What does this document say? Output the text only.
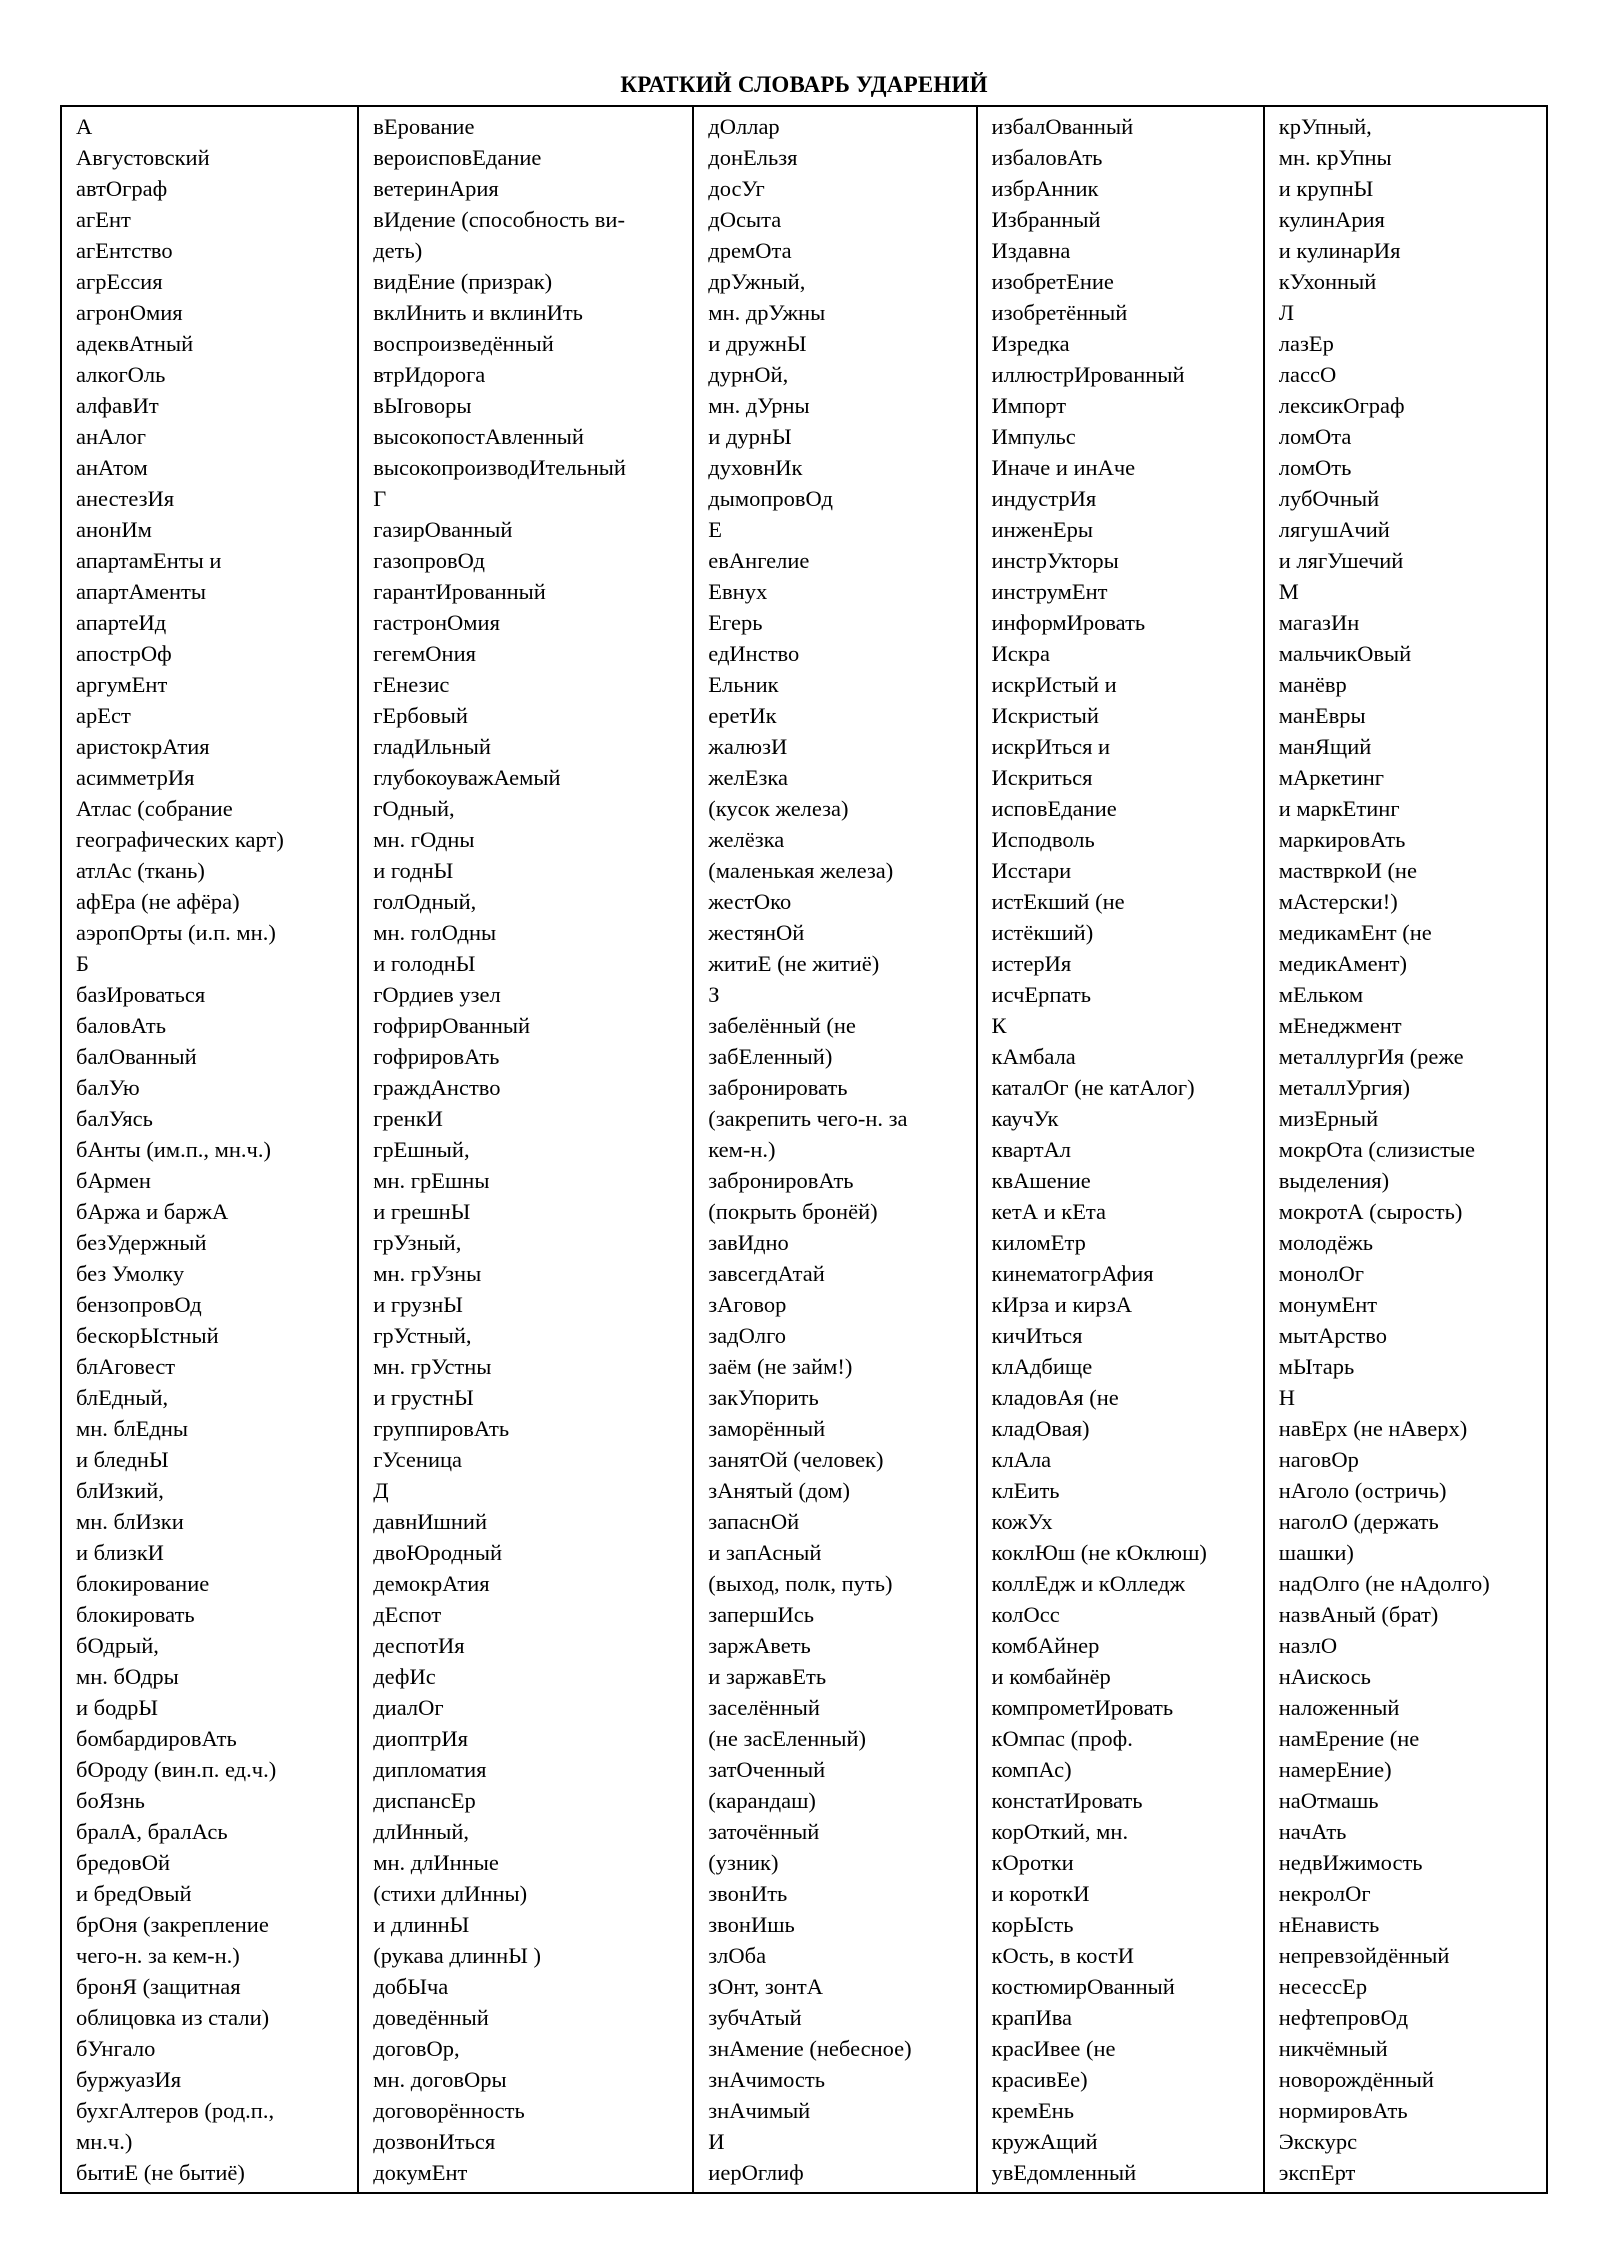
КРАТКИЙ СЛОВАРЬ УДАРЕНИЙ
А
Августовский
автОграф
агЕнт
агЕнтство
агрЕссия
агронОмия
адеквАтный
алкогОль
алфавИт
анАлог
анАтом
анестезИя
анонИм
апартамЕнты и
апартАменты
апартеИд
апострОф
аргумЕнт
арЕст
аристокрАтия
асимметрИя
Атлас (собрание
географических карт)
атлАс (ткань)
афЕра (не афёра)
аэропОрты (и.п. мн.)
Б
базИроваться
баловАть
балОванный
балУю
балУясь
бАнты (им.п., мн.ч.)
бАрмен
бАржа и баржА
безУдержный
без Умолку
бензопровОд
бескорЫстный
блАговест
блЕдный,
мн. блЕдны
и бледнЫ
блИзкий,
мн. блИзки
и близкИ
блокирование
блокировать
бОдрый,
мн. бОдры
и бодрЫ
бомбардировАть
бОроду (вин.п. ед.ч.)
боЯзнь
бралА, бралАсь
бредовОй
и бредОвый
брОня (закрепление
чего-н. за кем-н.)
бронЯ (защитная
облицовка из стали)
бУнгало
буржуазИя
бухгАлтеров (род.п.,
мн.ч.)
бытиЕ (не бытиё)
вЕрование
вероисповЕдание
ветеринАрия
вИдение (способность ви-
деть)
видЕние (призрак)
вклИнить и вклинИть
воспроизведённый
втрИдорога
вЫговоры
высокопостАвленный
высокопроизводИтельный
Г
газирОванный
газопровОд
гарантИрованный
гастронОмия
гегемОния
гЕнезис
гЕрбовый
гладИльный
глубокоуважАемый
гОдный,
мн. гОдны
и годнЫ
голОдный,
мн. голОдны
и голоднЫ
гОрдиев узел
гофрирОванный
гофрировАть
граждАнство
гренкИ
грЕшный,
мн. грЕшны
и грешнЫ
грУзный,
мн. грУзны
и грузнЫ
грУстный,
мн. грУстны
и грустнЫ
группировАть
гУсеница
Д
давнИшний
двоЮродный
демокрАтия
дЕспот
деспотИя
дефИс
диалОг
диоптрИя
дипломатия
диспансЕр
длИнный,
мн. длИнные
(стихи длИнны)
и длиннЫ
(рукава длиннЫ )
добЫча
доведённый
договОр,
мн. договОры
договорённость
дозвонИться
докумЕнт
дОллар
донЕльзя
досУг
дОсыта
дремОта
дрУжный,
мн. дрУжны
и дружнЫ
дурнОй,
мн. дУрны
и дурнЫ
духовнИк
дымопровОд
Е
евАнгелие
Евнух
Егерь
едИнство
Ельник
еретИк
жалюзИ
желЕзка
(кусок железа)
желёзка
(маленькая железа)
жестОко
жестянОй
житиЕ (не житиё)
З
забелённый (не
забЕленный)
забронировать
(закрепить чего-н. за
кем-н.)
забронировАть
(покрыть бронёй)
завИдно
завсегдАтай
зАговор
задОлго
заём (не займ!)
закУпорить
заморённый
занятОй (человек)
зАнятый (дом)
запаснОй
и запАсный
(выход, полк, путь)
запершИсь
заржАветь
и заржавЕть
заселённый
(не засЕленный)
затОченный
(карандаш)
заточённый
(узник)
звонИть
звонИшь
злОба
зОнт, зонтА
зубчАтый
знАмение (небесное)
знАчимость
знАчимый
И
иерОглиф
избалОванный
избаловАть
избрАнник
Избранный
Издавна
изобретЕние
изобретённый
Изредка
иллюстрИрованный
Импорт
Импульс
Иначе и инАче
индустрИя
инженЕры
инстрУкторы
инструмЕнт
информИровать
Искра
искрИстый и
Искристый
искрИться и
Искриться
исповЕдание
Исподволь
Исстари
истЕкший (не
истёкший)
истерИя
исчЕрпать
К
кАмбала
каталОг (не катАлог)
каучУк
квартАл
квАшение
кетА и кЕта
киломЕтр
кинематогрАфия
кИрза и кирзА
кичИться
клАдбище
кладовАя (не
кладОвая)
клАла
клЕить
кожУх
коклЮш (не кОклюш)
коллЕдж и кОлледж
колОсс
комбАйнер
и комбайнёр
компрометИровать
кОмпас (проф.
компАс)
констатИровать
корОткий, мн.
кОротки
и короткИ
корЫсть
кОсть, в костИ
костюмирОванный
крапИва
красИвее (не
красивЕе)
кремЕнь
кружАщий
увЕдомленный
крУпный,
мн. крУпны
и крупнЫ
кулинАрия
и кулинарИя
кУхонный
Л
лазЕр
лассО
лексикОграф
ломОта
ломОть
лубОчный
лягушАчий
и лягУшечий
М
магазИн
мальчикОвый
манёвр
манЕвры
манЯщий
мАркетинг
и маркЕтинг
маркировАть
маствркоИ (не
мАстерски!)
медикамЕнт (не
медикАмент)
мЕльком
мЕнеджмент
металлургИя (реже
металлУргия)
мизЕрный
мокрОта (слизистые
выделения)
мокротА (сырость)
молодёжь
монолОг
монумЕнт
мытАрство
мЫтарь
Н
навЕрх (не нАверх)
наговОр
нАголо (остричь)
наголО (держать
шашки)
надОлго (не нАдолго)
назвАный (брат)
назлО
нАискось
наложенный
намЕрение (не
намерЕние)
наОтмашь
начАть
недвИжимость
некролОг
нЕнависть
непревзойдённый
несессЕр
нефтепровОд
никчёмный
новорождённый
нормировАть
Экскурс
экспЕрт
